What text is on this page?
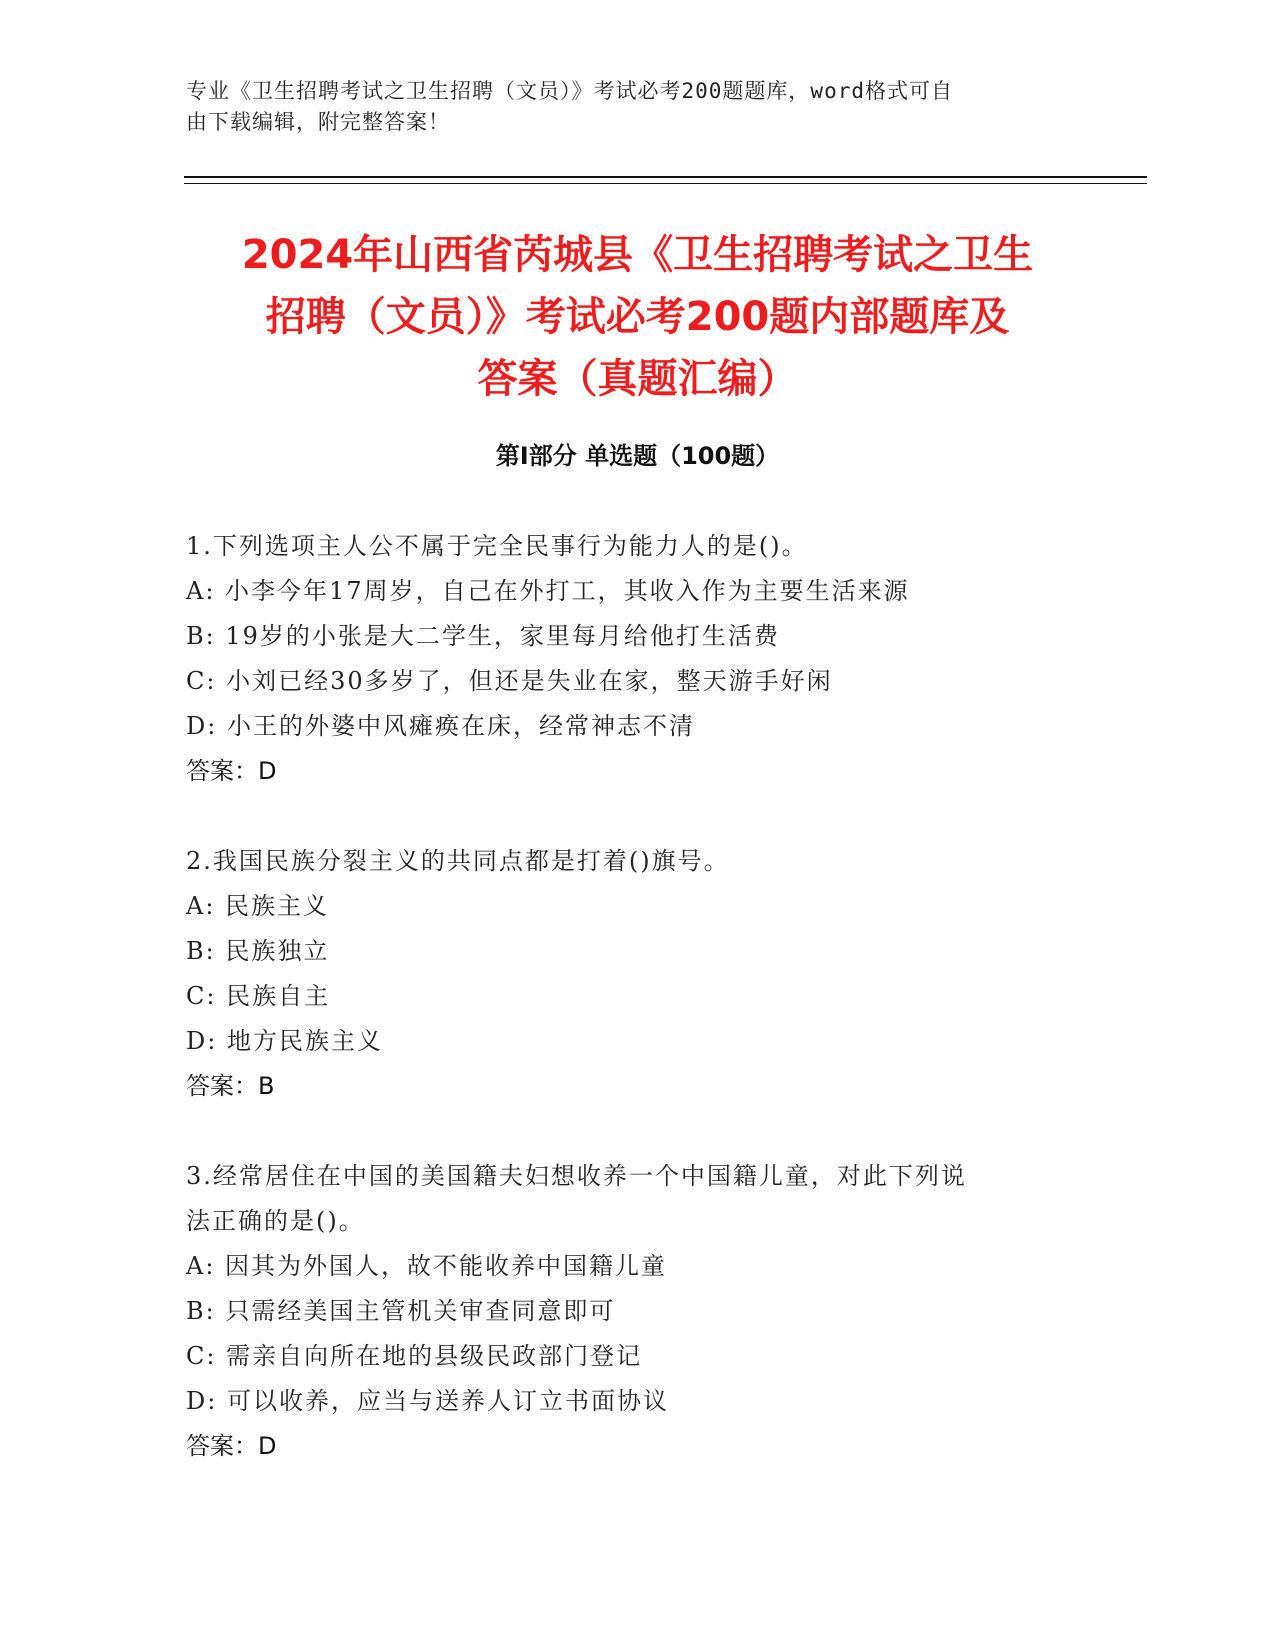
专业《卫生招聘考试之卫生招聘（文员）》考试必考200题题库，word格式可自
由下载编辑，附完整答案！
2024年山西省芮城县《卫生招聘考试之卫生
招聘（文员）》考试必考200题内部题库及
答案（真题汇编）
第I部分 单选题（100题）
1.下列选项主人公不属于完全民事行为能力人的是()。
A: 小李今年17周岁，自己在外打工，其收入作为主要生活来源
B: 19岁的小张是大二学生，家里每月给他打生活费
C: 小刘已经30多岁了，但还是失业在家，整天游手好闲
D: 小王的外婆中风瘫痪在床，经常神志不清
答案：D
2.我国民族分裂主义的共同点都是打着()旗号。
A: 民族主义
B: 民族独立
C: 民族自主
D: 地方民族主义
答案：B
3.经常居住在中国的美国籍夫妇想收养一个中国籍儿童，对此下列说
法正确的是()。
A: 因其为外国人，故不能收养中国籍儿童
B: 只需经美国主管机关审查同意即可
C: 需亲自向所在地的县级民政部门登记
D: 可以收养，应当与送养人订立书面协议
答案：D
